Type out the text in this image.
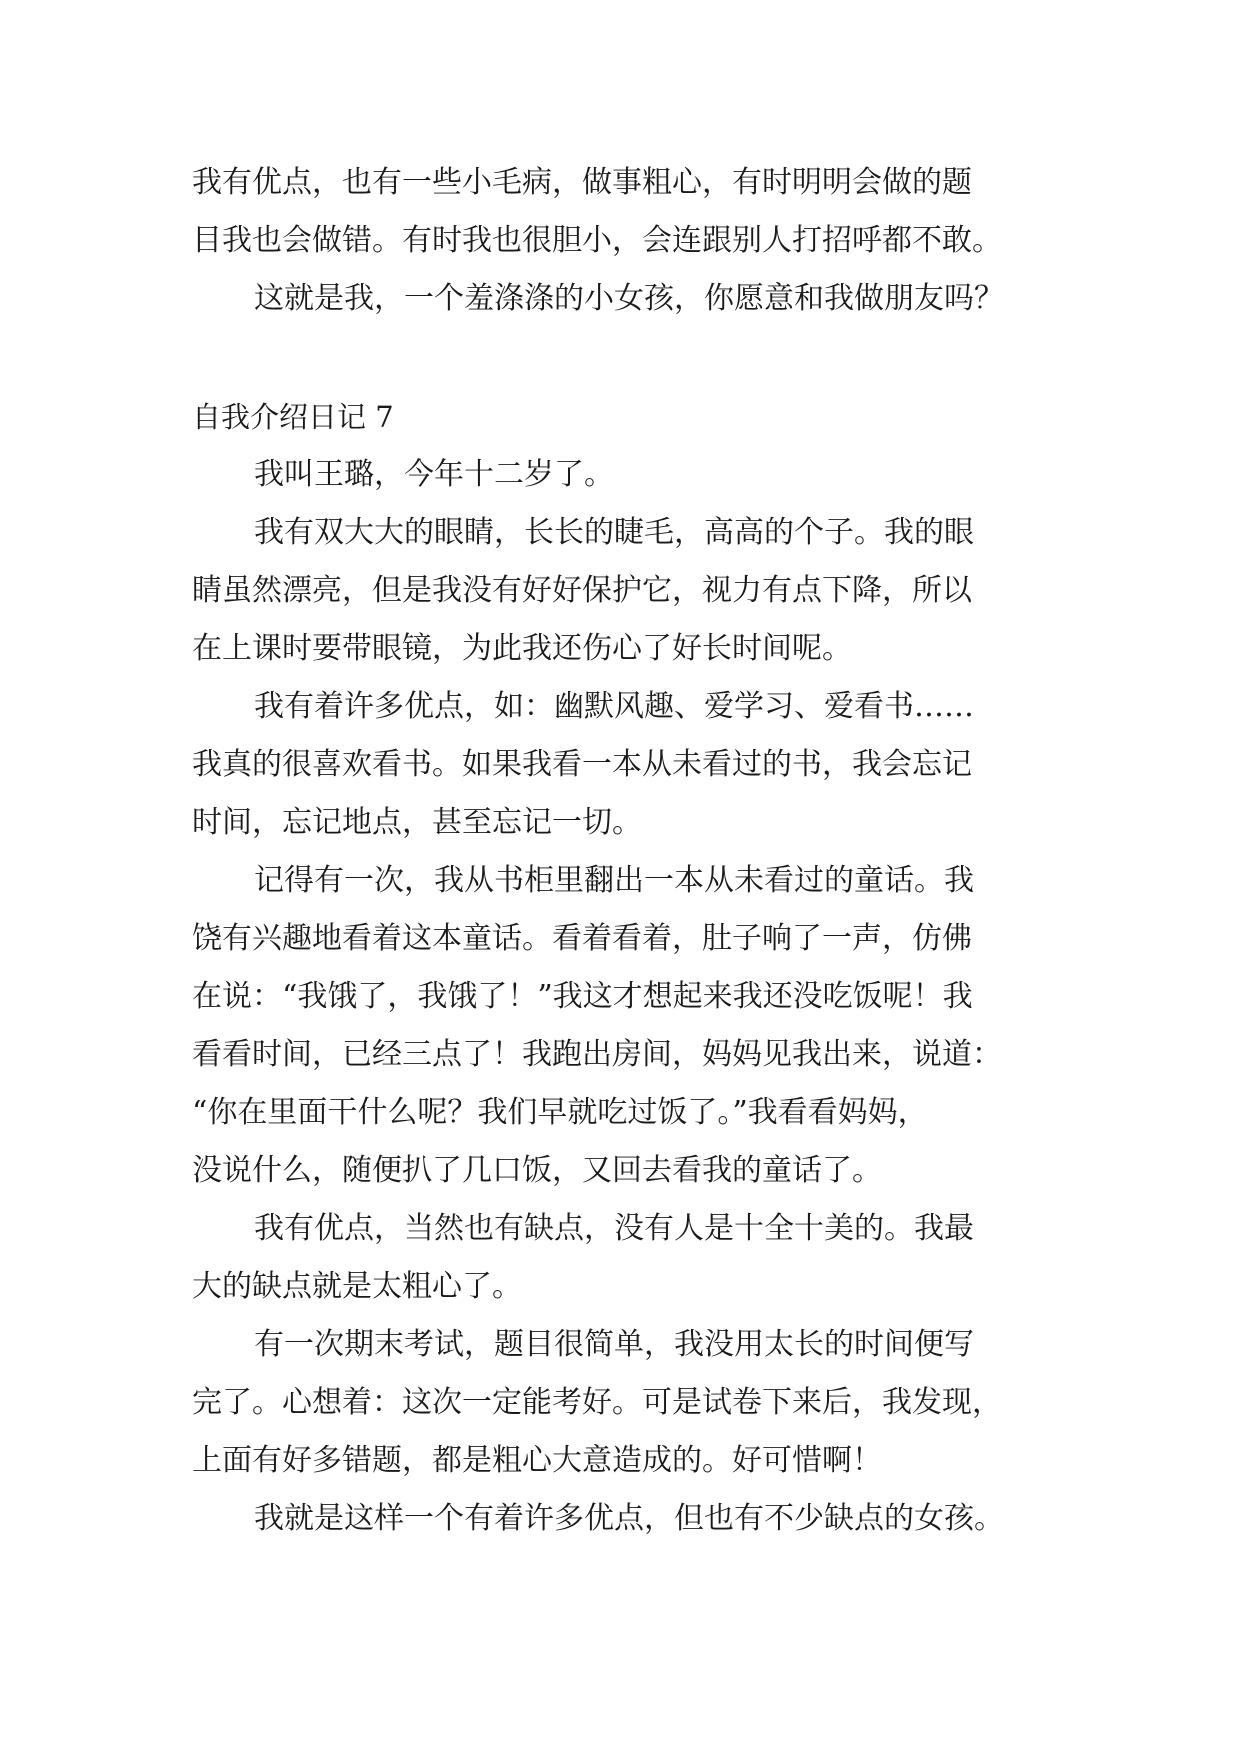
我有优点，也有一些小毛病，做事粗心，有时明明会做的题
目我也会做错。有时我也很胆小，会连跟别人打招呼都不敢。
这就是我，一个羞涤涤的小女孩，你愿意和我做朋友吗？
自我介绍日记 7
我叫王璐，今年十二岁了。
我有双大大的眼睛，长长的睫毛，高高的个子。我的眼
睛虽然漂亮，但是我没有好好保护它，视力有点下降，所以
在上课时要带眼镜，为此我还伤心了好长时间呢。
我有着许多优点，如：幽默风趣、爱学习、爱看书……
我真的很喜欢看书。如果我看一本从未看过的书，我会忘记
时间，忘记地点，甚至忘记一切。
记得有一次，我从书柜里翻出一本从未看过的童话。我
饶有兴趣地看着这本童话。看着看着，肚子响了一声，仿佛
在说：“我饿了，我饿了！”我这才想起来我还没吃饭呢！我
看看时间，已经三点了！我跑出房间，妈妈见我出来，说道：
“你在里面干什么呢？我们早就吃过饭了。”我看看妈妈，
没说什么，随便扒了几口饭，又回去看我的童话了。
我有优点，当然也有缺点，没有人是十全十美的。我最
大的缺点就是太粗心了。
有一次期末考试，题目很简单，我没用太长的时间便写
完了。心想着：这次一定能考好。可是试卷下来后，我发现，
上面有好多错题，都是粗心大意造成的。好可惜啊！
我就是这样一个有着许多优点，但也有不少缺点的女孩。
